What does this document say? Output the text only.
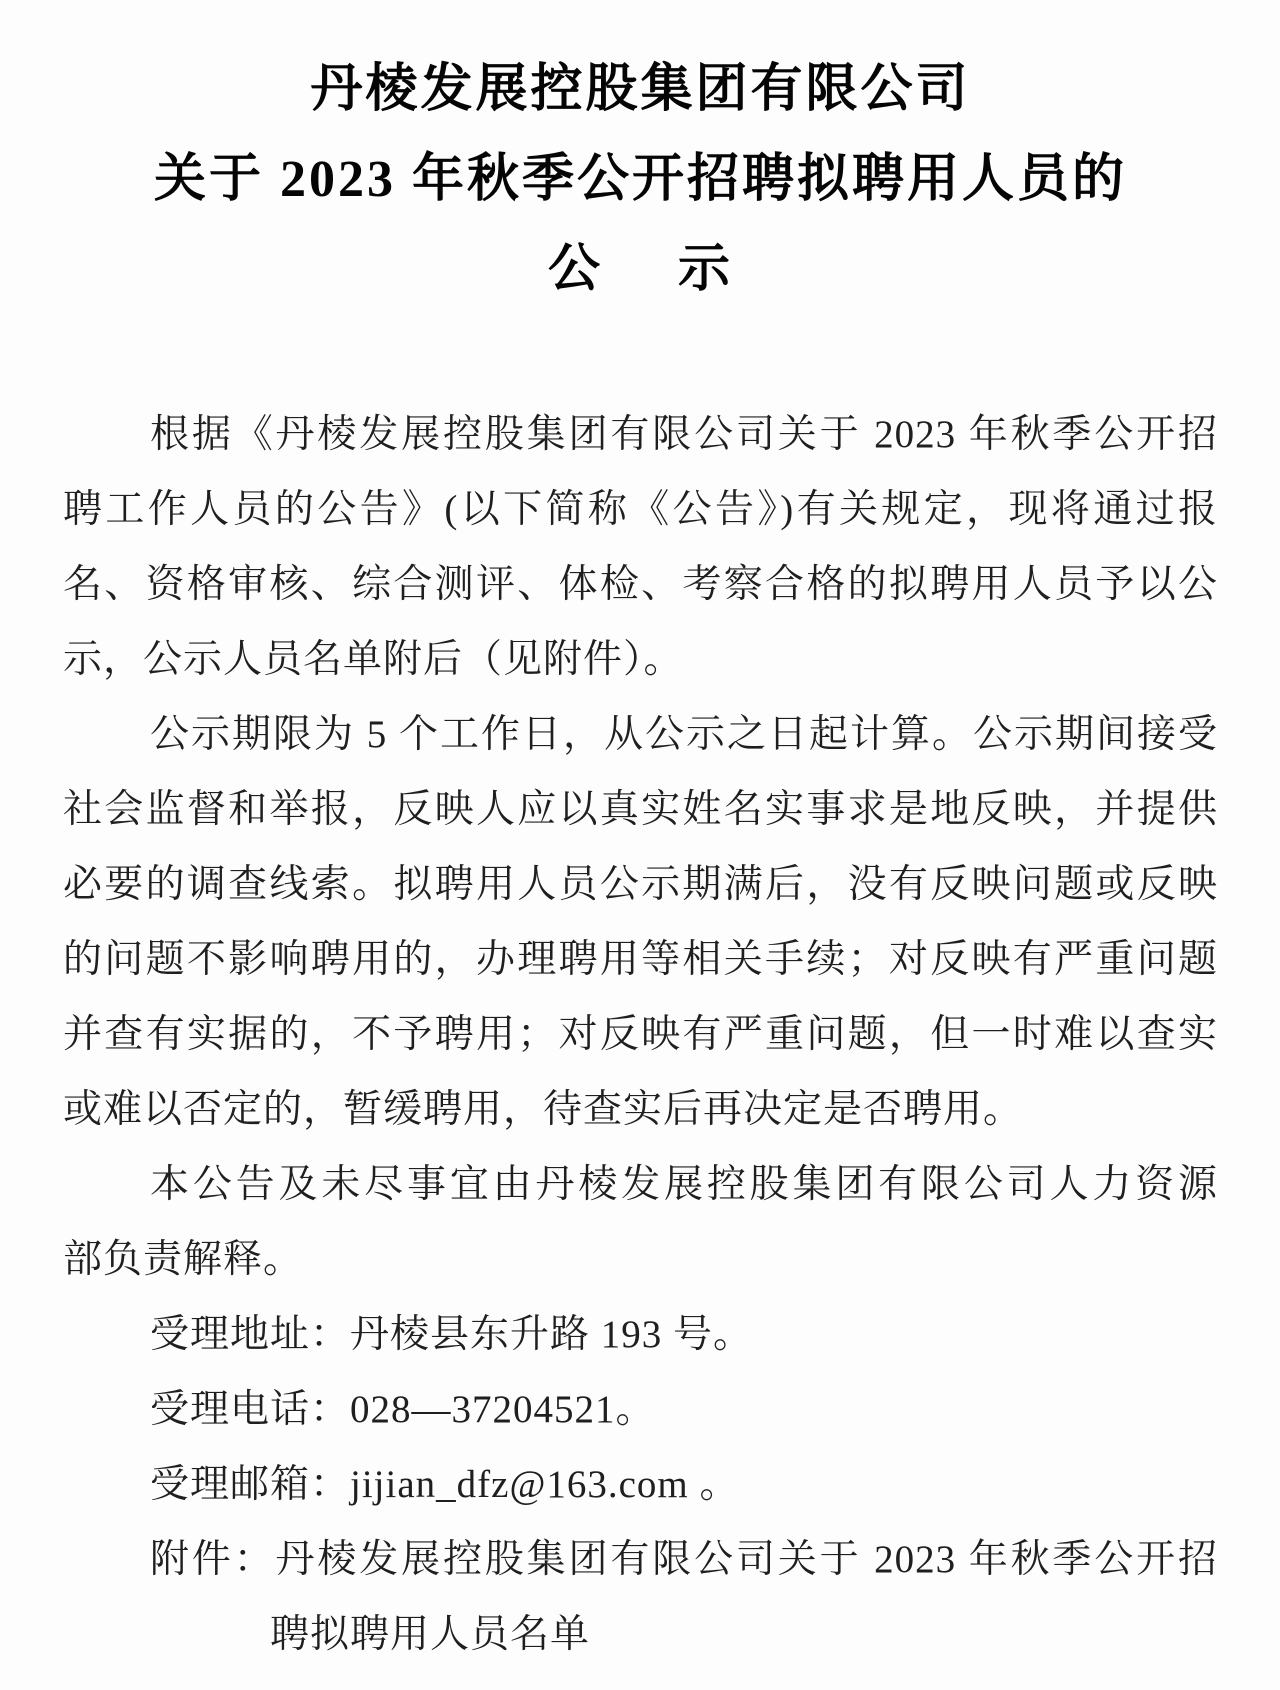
丹棱发展控股集团有限公司
关于 2023 年秋季公开招聘拟聘用人员的
公 示
根据《丹棱发展控股集团有限公司关于 2023 年秋季公开招
聘工作人员的公告》(以下简称《公告》)有关规定，现将通过报
名、资格审核、综合测评、体检、考察合格的拟聘用人员予以公
示，公示人员名单附后（见附件）。
公示期限为 5 个工作日，从公示之日起计算。公示期间接受
社会监督和举报，反映人应以真实姓名实事求是地反映，并提供
必要的调查线索。拟聘用人员公示期满后，没有反映问题或反映
的问题不影响聘用的，办理聘用等相关手续；对反映有严重问题
并查有实据的，不予聘用；对反映有严重问题，但一时难以查实
或难以否定的，暂缓聘用，待查实后再决定是否聘用。
本公告及未尽事宜由丹棱发展控股集团有限公司人力资源
部负责解释。
受理地址：丹棱县东升路 193 号。
受理电话：028—37204521。
受理邮箱：jijian_dfz@163.com 。
附件：丹棱发展控股集团有限公司关于 2023 年秋季公开招
聘拟聘用人员名单
